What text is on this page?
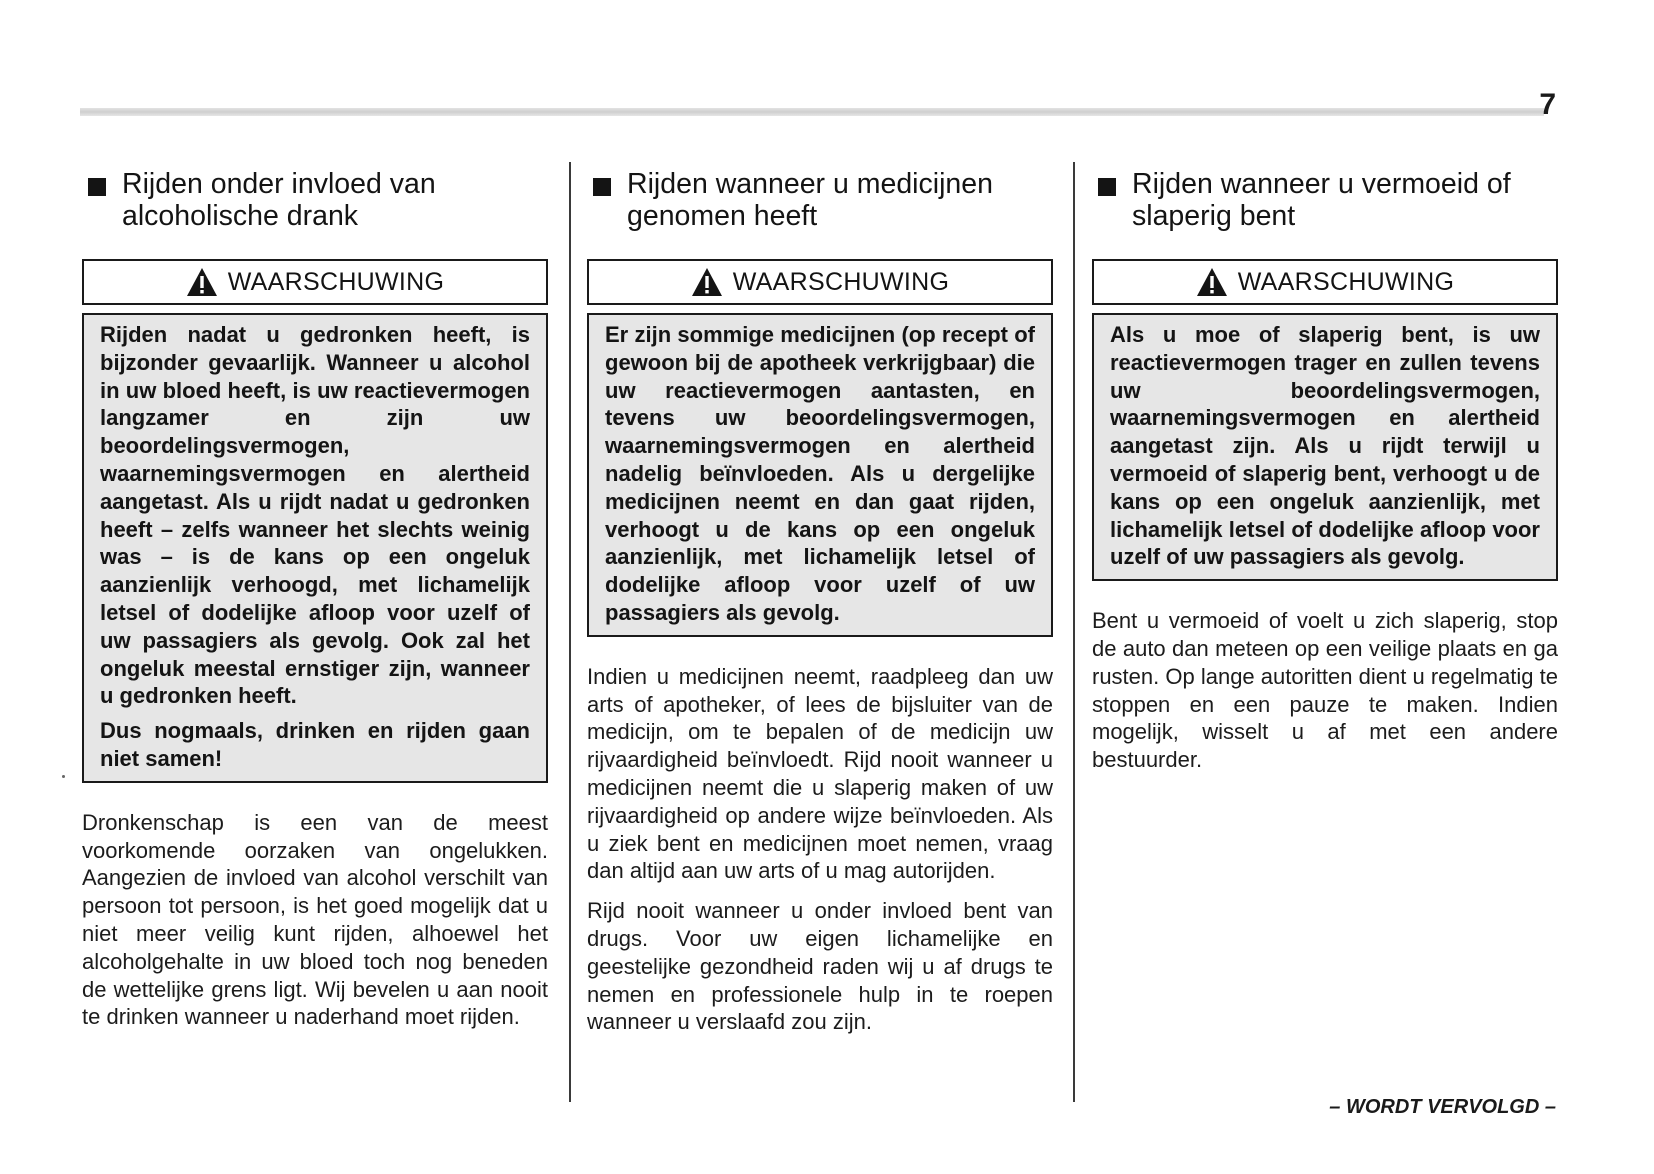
7
Rijden onder invloed van alcoholische drank
WAARSCHUWING

Rijden nadat u gedronken heeft, is bijzonder gevaarlijk. Wanneer u alcohol in uw bloed heeft, is uw reactievermogen langzamer en zijn uw beoordelingsvermogen, waarnemingsvermogen en alertheid aangetast. Als u rijdt nadat u gedronken heeft – zelfs wanneer het slechts weinig was – is de kans op een ongeluk aanzienlijk verhoogd, met lichamelijk letsel of dodelijke afloop voor uzelf of uw passagiers als gevolg. Ook zal het ongeluk meestal ernstiger zijn, wanneer u gedronken heeft.

Dus nogmaals, drinken en rijden gaan niet samen!

Dronkenschap is een van de meest voorkomende oorzaken van ongelukken. Aangezien de invloed van alcohol verschilt van persoon tot persoon, is het goed mogelijk dat u niet meer veilig kunt rijden, alhoewel het alcoholgehalte in uw bloed toch nog beneden de wettelijke grens ligt. Wij bevelen u aan nooit te drinken wanneer u naderhand moet rijden.

Rijden wanneer u medicijnen genomen heeft
WAARSCHUWING

Er zijn sommige medicijnen (op recept of gewoon bij de apotheek verkrijgbaar) die uw reactievermogen aantasten, en tevens uw beoordelingsvermogen, waarnemingsvermogen en alertheid nadelig beïnvloeden. Als u dergelijke medicijnen neemt en dan gaat rijden, verhoogt u de kans op een ongeluk aanzienlijk, met lichamelijk letsel of dodelijke afloop voor uzelf of uw passagiers als gevolg.

Indien u medicijnen neemt, raadpleeg dan uw arts of apotheker, of lees de bijsluiter van de medicijn, om te bepalen of de medicijn uw rijvaardigheid beïnvloedt. Rijd nooit wanneer u medicijnen neemt die u slaperig maken of uw rijvaardigheid op andere wijze beïnvloeden. Als u ziek bent en medicijnen moet nemen, vraag dan altijd aan uw arts of u mag autorijden.

Rijd nooit wanneer u onder invloed bent van drugs. Voor uw eigen lichamelijke en geestelijke gezondheid raden wij u af drugs te nemen en professionele hulp in te roepen wanneer u verslaafd zou zijn.

Rijden wanneer u vermoeid of slaperig bent
WAARSCHUWING

Als u moe of slaperig bent, is uw reactievermogen trager en zullen tevens uw beoordelingsvermogen, waarnemingsvermogen en alertheid aangetast zijn. Als u rijdt terwijl u vermoeid of slaperig bent, verhoogt u de kans op een ongeluk aanzienlijk, met lichamelijk letsel of dodelijke afloop voor uzelf of uw passagiers als gevolg.

Bent u vermoeid of voelt u zich slaperig, stop de auto dan meteen op een veilige plaats en ga rusten. Op lange autoritten dient u regelmatig te stoppen en een pauze te maken. Indien mogelijk, wisselt u af met een andere bestuurder.

– WORDT VERVOLGD –
